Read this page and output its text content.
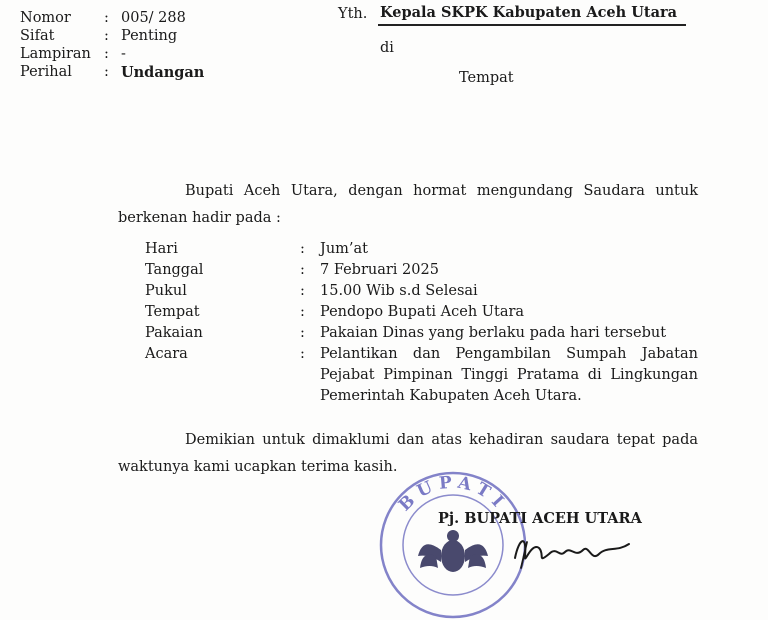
Nomor	: 005/ 288
Sifat	: Penting
Lampiran : -
Perihal	: Undangan
Yth. Kepala SKPK Kabupaten Aceh Utara
di
Tempat
Bupati Aceh Utara, dengan hormat mengundang Saudara untuk
berkenan hadir pada :
Hari	: Jum’at
Tanggal	: 7 Februari 2025
Pukul	: 15.00 Wib s.d Selesai
Tempat	: Pendopo Bupati Aceh Utara
Pakaian	: Pakaian Dinas yang berlaku pada hari tersebut
Acara	: Pelantikan dan Pengambilan Sumpah Jabatan
Pejabat Pimpinan Tinggi Pratama di Lingkungan
Pemerintah Kabupaten Aceh Utara.
Demikian untuk dimaklumi dan atas kehadiran saudara tepat pada
waktunya kami ucapkan terima kasih.
BUPATI
Pj. BUPATI ACEH UTARA
